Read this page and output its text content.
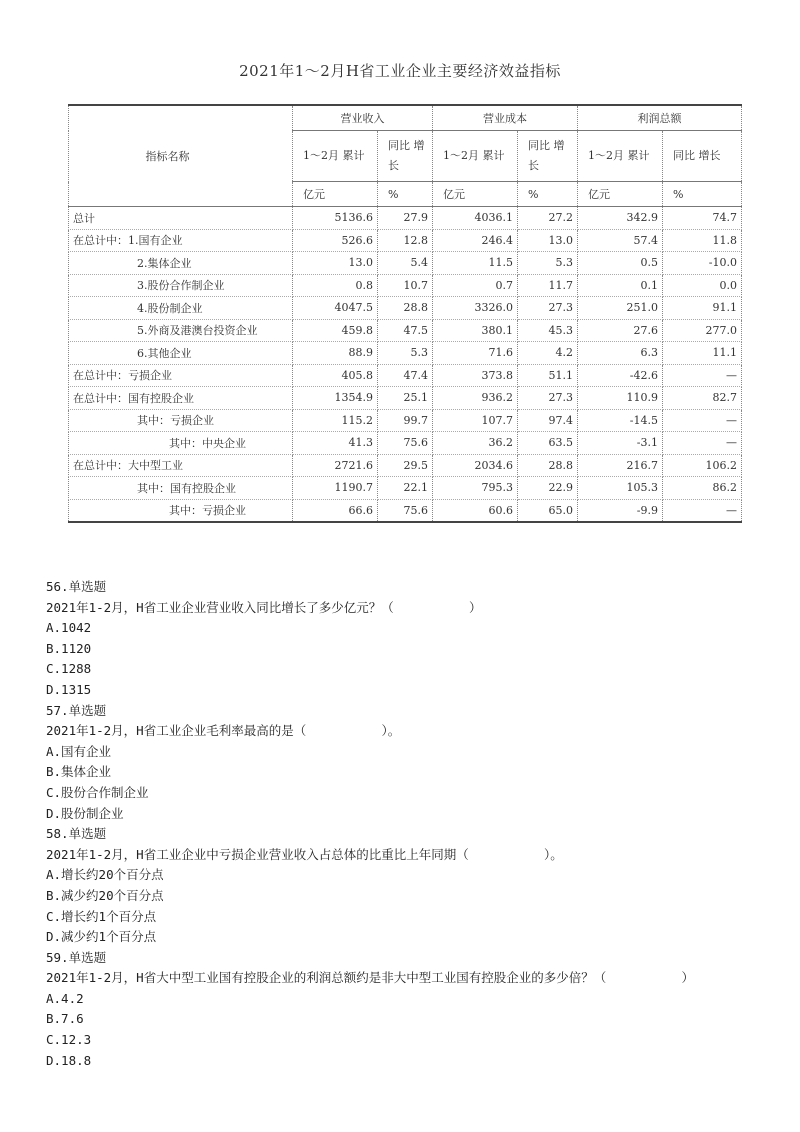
2021年1～2月H省工业企业主要经济效益指标
指标名称	营业收入		营业成本		利润总额	
	1～2月 累计	同比 增长	1～2月 累计	同比 增长	1～2月 累计	同比 增长
	亿元	%	亿元	%	亿元	%
总计	5136.6	27.9	4036.1	27.2	342.9	74.7
在总计中：1.国有企业	526.6	12.8	246.4	13.0	57.4	11.8
2.集体企业	13.0	5.4	11.5	5.3	0.5	-10.0
3.股份合作制企业	0.8	10.7	0.7	11.7	0.1	0.0
4.股份制企业	4047.5	28.8	3326.0	27.3	251.0	91.1
5.外商及港澳台投资企业	459.8	47.5	380.1	45.3	27.6	277.0
6.其他企业	88.9	5.3	71.6	4.2	6.3	11.1
在总计中：亏损企业	405.8	47.4	373.8	51.1	-42.6	—
在总计中：国有控股企业	1354.9	25.1	936.2	27.3	110.9	82.7
其中：亏损企业	115.2	99.7	107.7	97.4	-14.5	—
其中：中央企业	41.3	75.6	36.2	63.5	-3.1	—
在总计中：大中型工业	2721.6	29.5	2034.6	28.8	216.7	106.2
其中：国有控股企业	1190.7	22.1	795.3	22.9	105.3	86.2
其中：亏损企业	66.6	75.6	60.6	65.0	-9.9	—
56.单选题
2021年1-2月，H省工业企业营业收入同比增长了多少亿元？（          ）
A.1042
B.1120
C.1288
D.1315
57.单选题
2021年1-2月，H省工业企业毛利率最高的是（          ）。
A.国有企业
B.集体企业
C.股份合作制企业
D.股份制企业
58.单选题
2021年1-2月，H省工业企业中亏损企业营业收入占总体的比重比上年同期（          ）。
A.增长约20个百分点
B.减少约20个百分点
C.增长约1个百分点
D.减少约1个百分点
59.单选题
2021年1-2月，H省大中型工业国有控股企业的利润总额约是非大中型工业国有控股企业的多少倍？（          ）
A.4.2
B.7.6
C.12.3
D.18.8
